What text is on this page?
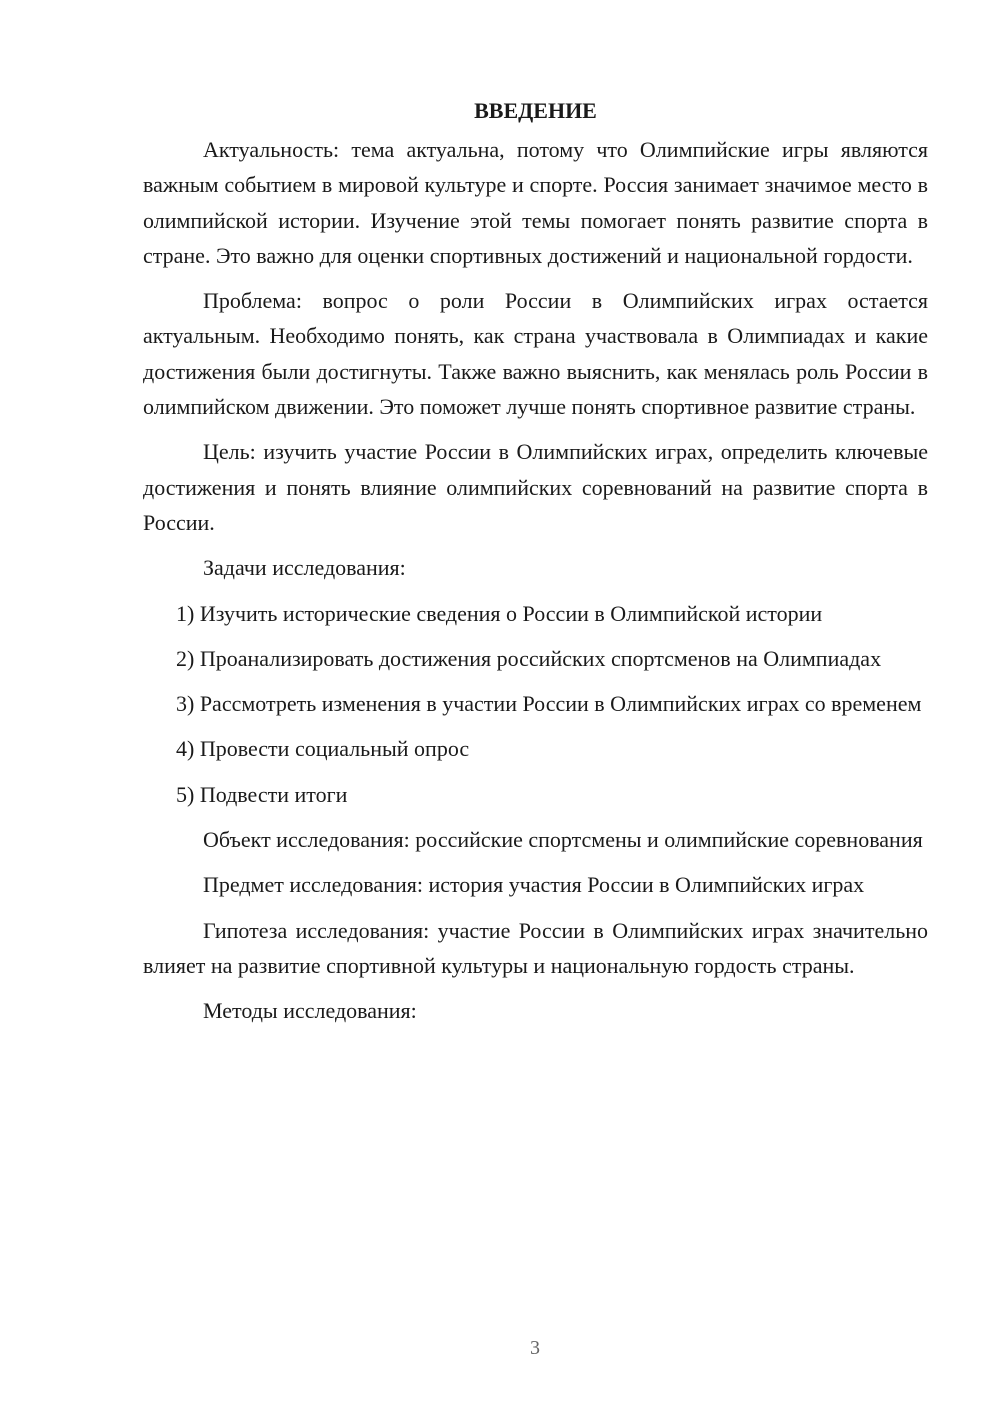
ВВЕДЕНИЕ

Актуальность: тема актуальна, потому что Олимпийские игры являются важным событием в мировой культуре и спорте. Россия занимает значимое место в олимпийской истории. Изучение этой темы помогает понять развитие спорта в стране. Это важно для оценки спортивных достижений и национальной гордости.

Проблема: вопрос о роли России в Олимпийских играх остается актуальным. Необходимо понять, как страна участвовала в Олимпиадах и какие достижения были достигнуты. Также важно выяснить, как менялась роль России в олимпийском движении. Это поможет лучше понять спортивное развитие страны.

Цель: изучить участие России в Олимпийских играх, определить ключевые достижения и понять влияние олимпийских соревнований на развитие спорта в России.

Задачи исследования:

1) Изучить исторические сведения о России в Олимпийской истории

2) Проанализировать достижения российских спортсменов на Олимпиадах

3) Рассмотреть изменения в участии России в Олимпийских играх со временем

4) Провести социальный опрос

5) Подвести итоги

Объект исследования: российские спортсмены и олимпийские соревнования

Предмет исследования: история участия России в Олимпийских играх

Гипотеза исследования: участие России в Олимпийских играх значительно влияет на развитие спортивной культуры и национальную гордость страны.

Методы исследования:

3
